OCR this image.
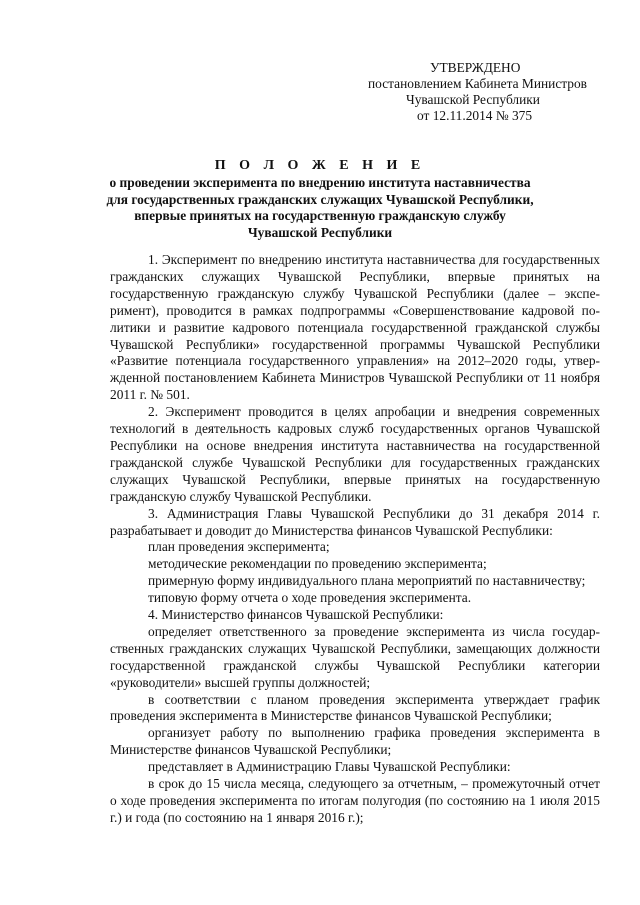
УТВЕРЖДЕНО
постановлением Кабинета Министров
Чувашской Республики
от 12.11.2014 № 375
П О Л О Ж Е Н И Е
о проведении эксперимента по внедрению института наставничества
для государственных гражданских служащих Чувашской Республики,
впервые принятых на государственную гражданскую службу
Чувашской Республики

1. Эксперимент по внедрению института наставничества для государственных гражданских служащих Чувашской Республики, впервые принятых на государственную гражданскую службу Чувашской Республики (далее – эксперимент), проводится в рамках подпрограммы «Совершенствование кадровой политики и развитие кадрового потенциала государственной гражданской службы Чувашской Республики» государственной программы Чувашской Республики «Развитие потенциала государственного управления» на 2012–2020 годы, утвержденной постановлением Кабинета Министров Чувашской Республики от 11 ноября 2011 г. № 501.

2. Эксперимент проводится в целях апробации и внедрения современных технологий в деятельность кадровых служб государственных органов Чувашской Республики на основе внедрения института наставничества на государственной гражданской службе Чувашской Республики для государственных гражданских служащих Чувашской Республики, впервые принятых на государственную гражданскую службу Чувашской Республики.

3. Администрация Главы Чувашской Республики до 31 декабря 2014 г. разрабатывает и доводит до Министерства финансов Чувашской Республики:

план проведения эксперимента;

методические рекомендации по проведению эксперимента;

примерную форму индивидуального плана мероприятий по наставничеству;

типовую форму отчета о ходе проведения эксперимента.

4. Министерство финансов Чувашской Республики:

определяет ответственного за проведение эксперимента из числа государственных гражданских служащих Чувашской Республики, замещающих должности государственной гражданской службы Чувашской Республики категории «руководители» высшей группы должностей;

в соответствии с планом проведения эксперимента утверждает график проведения эксперимента в Министерстве финансов Чувашской Республики;

организует работу по выполнению графика проведения эксперимента в Министерстве финансов Чувашской Республики;

представляет в Администрацию Главы Чувашской Республики:

в срок до 15 числа месяца, следующего за отчетным, – промежуточный отчет о ходе проведения эксперимента по итогам полугодия (по состоянию на 1 июля 2015 г.) и года (по состоянию на 1 января 2016 г.);
